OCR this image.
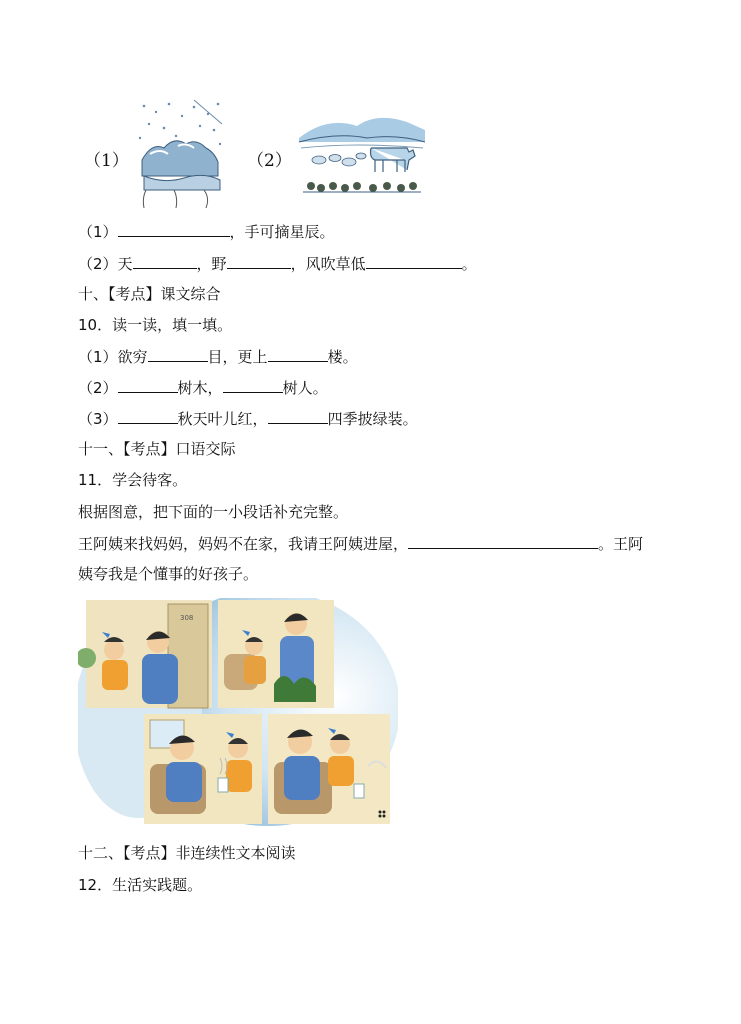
（1）	（2）
（1）	，手可摘星辰。
（2）天	，野	，风吹草低	。
十、【考点】课文综合
10．读一读，填一填。
（1）欲穷	目，更上	楼。
（2）	树木，	树人。
（3）	秋天叶儿红，	四季披绿装。
十一、【考点】口语交际
11．学会待客。
根据图意，把下面的一小段话补充完整。
王阿姨来找妈妈，妈妈不在家，我请王阿姨进屋，	。王阿
姨夸我是个懂事的好孩子。
308
十二、【考点】非连续性文本阅读
12．生活实践题。
